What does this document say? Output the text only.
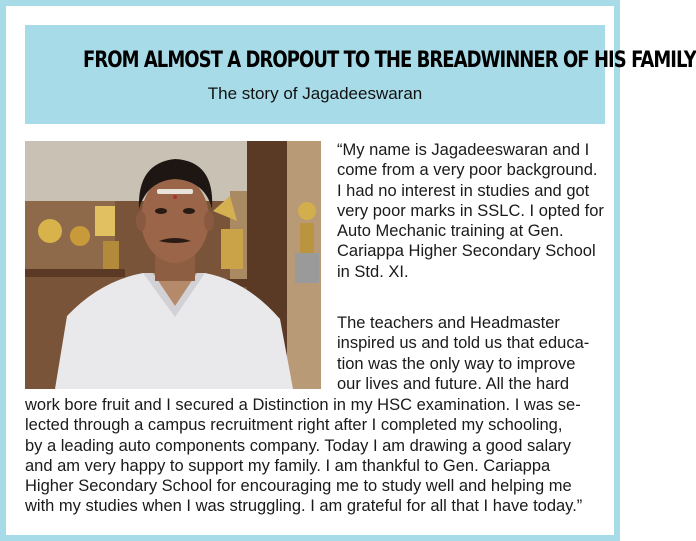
FROM ALMOST A DROPOUT TO THE BREADWINNER OF HIS FAMILY
The story of Jagadeeswaran
“My name is Jagadeeswaran and I
come from a very poor background.
I had no interest in studies and got
very poor marks in SSLC. I opted for
Auto Mechanic training at Gen.
Cariappa Higher Secondary School
in Std. XI.
The teachers and Headmaster
inspired us and told us that educa-
tion was the only way to improve
our lives and future. All the hard
work bore fruit and I secured a Distinction in my HSC examination. I was se-
lected through a campus recruitment right after I completed my schooling,
by a leading auto components company. Today I am drawing a good salary
and am very happy to support my family. I am thankful to Gen. Cariappa
Higher Secondary School for encouraging me to study well and helping me
with my studies when I was struggling. I am grateful for all that I have today.”
